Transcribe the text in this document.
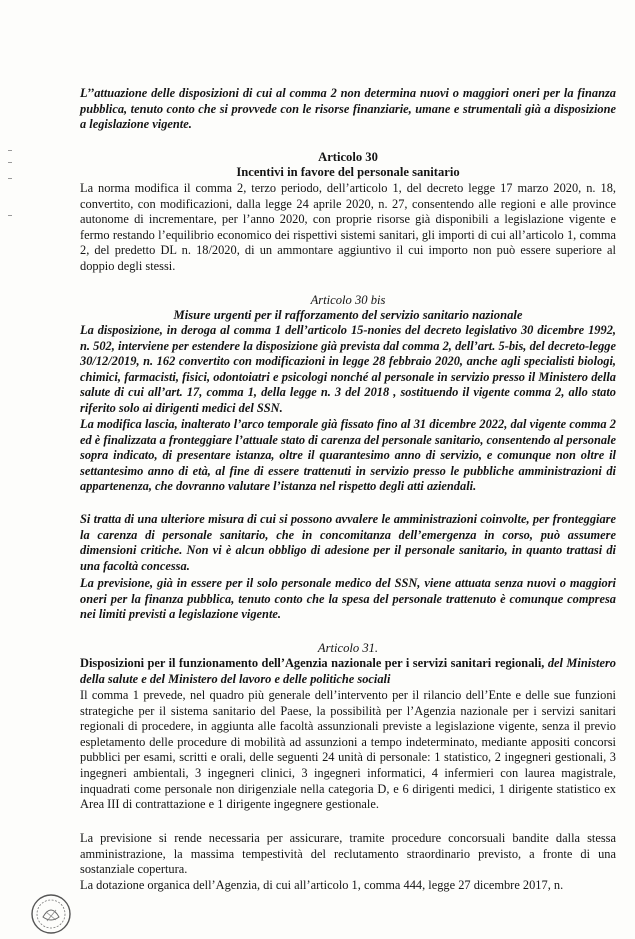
L’’attuazione delle disposizioni di cui al comma 2 non determina nuovi o maggiori oneri per la finanza pubblica, tenuto conto che si provvede con le risorse finanziarie, umane e strumentali già a disposizione a legislazione vigente.

Articolo 30

Incentivi in favore del personale sanitario

La norma modifica il comma 2, terzo periodo, dell’articolo 1, del decreto legge 17 marzo 2020, n. 18, convertito, con modificazioni, dalla legge 24 aprile 2020, n. 27, consentendo alle regioni e alle province autonome di incrementare, per l’anno 2020, con proprie risorse già disponibili a legislazione vigente e fermo restando l’equilibrio economico dei rispettivi sistemi sanitari, gli importi di cui all’articolo 1, comma 2, del predetto DL n. 18/2020, di un ammontare aggiuntivo il cui importo non può essere superiore al doppio degli stessi.

Articolo 30 bis

Misure urgenti per il rafforzamento del servizio sanitario nazionale

La disposizione, in deroga al comma 1 dell’articolo 15-nonies del decreto legislativo 30 dicembre 1992, n. 502, interviene per estendere la disposizione già prevista dal comma 2, dell’art. 5-bis, del decreto-legge 30/12/2019, n. 162 convertito con modificazioni in legge 28 febbraio 2020, anche agli specialisti biologi, chimici, farmacisti, fisici, odontoiatri e psicologi nonché al personale in servizio presso il Ministero della salute di cui all’art. 17, comma 1, della legge n. 3 del 2018 , sostituendo il vigente comma 2, allo stato riferito solo ai dirigenti medici del SSN.

La modifica lascia, inalterato l’arco temporale già fissato fino al 31 dicembre 2022, dal vigente comma 2 ed è finalizzata a fronteggiare l’attuale stato di carenza del personale sanitario, consentendo al personale sopra indicato, di presentare istanza, oltre il quarantesimo anno di servizio, e comunque non oltre il settantesimo anno di età, al fine di essere trattenuti in servizio presso le pubbliche amministrazioni di appartenenza, che dovranno valutare l’istanza nel rispetto degli atti aziendali.

Si tratta di una ulteriore misura di cui si possono avvalere le amministrazioni coinvolte, per fronteggiare la carenza di personale sanitario, che in concomitanza dell’emergenza in corso, può assumere dimensioni critiche. Non vi è alcun obbligo di adesione per il personale sanitario, in quanto trattasi di una facoltà concessa.

La previsione, già in essere per il solo personale medico del SSN, viene attuata senza nuovi o maggiori oneri per la finanza pubblica, tenuto conto che la spesa del personale trattenuto è comunque compresa nei limiti previsti a legislazione vigente.

Articolo 31.

Disposizioni per il funzionamento dell’Agenzia nazionale per i servizi sanitari regionali, del Ministero della salute e del Ministero del lavoro e delle politiche sociali

Il comma 1 prevede, nel quadro più generale dell’intervento per il rilancio dell’Ente e delle sue funzioni strategiche per il sistema sanitario del Paese, la possibilità per l’Agenzia nazionale per i servizi sanitari regionali di procedere, in aggiunta alle facoltà assunzionali previste a legislazione vigente, senza il previo espletamento delle procedure di mobilità ad assunzioni a tempo indeterminato, mediante appositi concorsi pubblici per esami, scritti e orali, delle seguenti 24 unità di personale: 1 statistico, 2 ingegneri gestionali, 3 ingegneri ambientali, 3 ingegneri clinici, 3 ingegneri informatici, 4 infermieri con laurea magistrale, inquadrati come personale non dirigenziale nella categoria D, e 6 dirigenti medici, 1 dirigente statistico ex Area III di contrattazione e 1 dirigente ingegnere gestionale.

La previsione si rende necessaria per assicurare, tramite procedure concorsuali bandite dalla stessa amministrazione, la massima tempestività del reclutamento straordinario previsto, a fronte di una sostanziale copertura.

La dotazione organica dell’Agenzia, di cui all’articolo 1, comma 444, legge 27 dicembre 2017, n.
